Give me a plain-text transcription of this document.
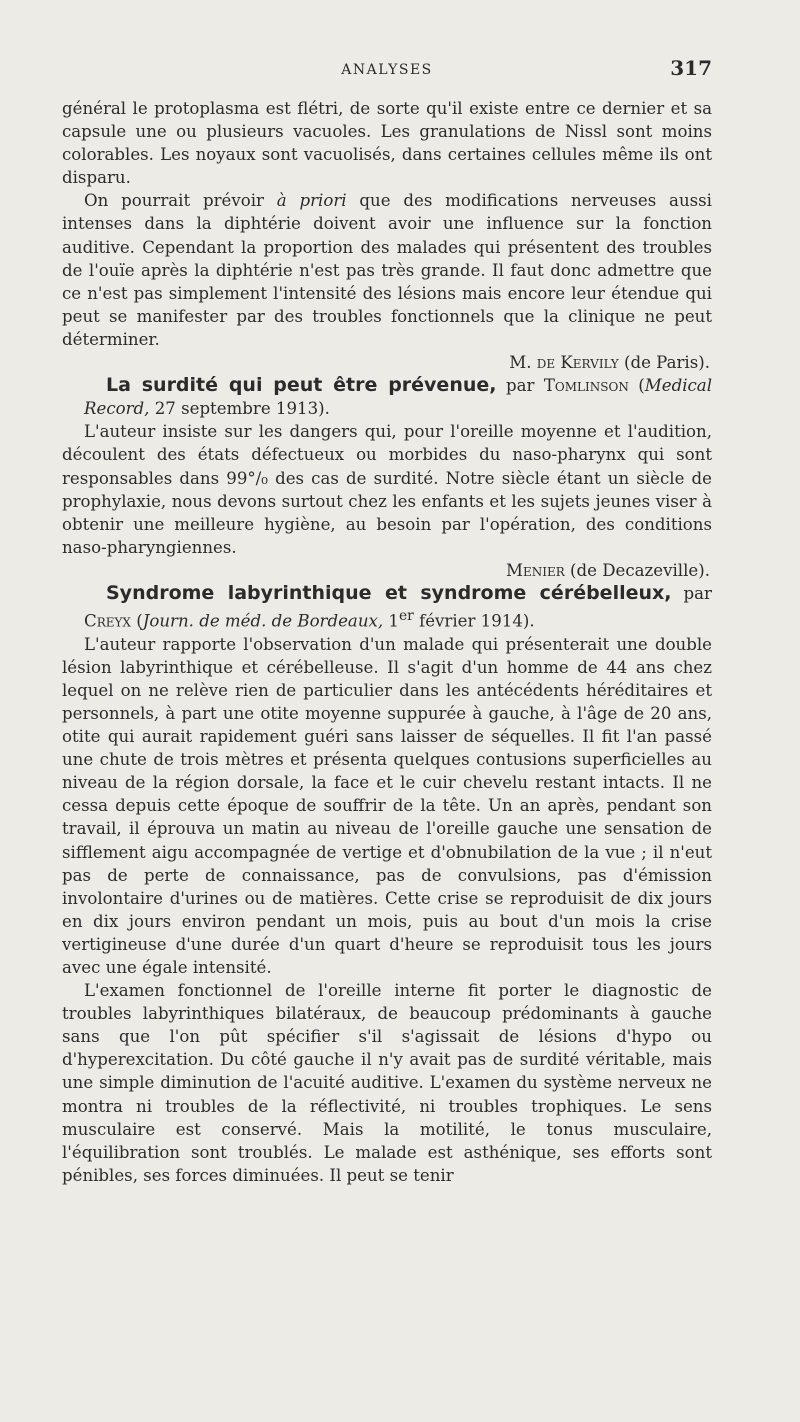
ANALYSES	317

général le protoplasma est flétri, de sorte qu'il existe entre ce dernier et sa capsule une ou plusieurs vacuoles. Les granulations de Nissl sont moins colorables. Les noyaux sont vacuolisés, dans certaines cellules même ils ont disparu.

On pourrait prévoir à priori que des modifications nerveuses aussi intenses dans la diphtérie doivent avoir une influence sur la fonction auditive. Cependant la proportion des malades qui présentent des troubles de l'ouïe après la diphtérie n'est pas très grande. Il faut donc admettre que ce n'est pas simplement l'intensité des lésions mais encore leur étendue qui peut se manifester par des troubles fonctionnels que la clinique ne peut déterminer.

M. de Kervily (de Paris).

La surdité qui peut être prévenue, par Tomlinson (Medical Record, 27 septembre 1913).

L'auteur insiste sur les dangers qui, pour l'oreille moyenne et l'audition, découlent des états défectueux ou morbides du naso-pharynx qui sont responsables dans 99°/₀ des cas de surdité. Notre siècle étant un siècle de prophylaxie, nous devons surtout chez les enfants et les sujets jeunes viser à obtenir une meilleure hygiène, au besoin par l'opération, des conditions naso-pharyngiennes.

Menier (de Decazeville).

Syndrome labyrinthique et syndrome cérébelleux, par Creyx (Journ. de méd. de Bordeaux, 1er février 1914).

L'auteur rapporte l'observation d'un malade qui présenterait une double lésion labyrinthique et cérébelleuse. Il s'agit d'un homme de 44 ans chez lequel on ne relève rien de particulier dans les antécédents héréditaires et personnels, à part une otite moyenne suppurée à gauche, à l'âge de 20 ans, otite qui aurait rapidement guéri sans laisser de séquelles. Il fit l'an passé une chute de trois mètres et présenta quelques contusions superficielles au niveau de la région dorsale, la face et le cuir chevelu restant intacts. Il ne cessa depuis cette époque de souffrir de la tête. Un an après, pendant son travail, il éprouva un matin au niveau de l'oreille gauche une sensation de sifflement aigu accompagnée de vertige et d'obnubilation de la vue ; il n'eut pas de perte de connaissance, pas de convulsions, pas d'émission involontaire d'urines ou de matières. Cette crise se reproduisit de dix jours en dix jours environ pendant un mois, puis au bout d'un mois la crise vertigineuse d'une durée d'un quart d'heure se reproduisit tous les jours avec une égale intensité.

L'examen fonctionnel de l'oreille interne fit porter le diagnostic de troubles labyrinthiques bilatéraux, de beaucoup prédominants à gauche sans que l'on pût spécifier s'il s'agissait de lésions d'hypo ou d'hyperexcitation. Du côté gauche il n'y avait pas de surdité véritable, mais une simple diminution de l'acuité auditive. L'examen du système nerveux ne montra ni troubles de la réflectivité, ni troubles trophiques. Le sens musculaire est conservé. Mais la motilité, le tonus musculaire, l'équilibration sont troublés. Le malade est asthénique, ses efforts sont pénibles, ses forces diminuées. Il peut se tenir
